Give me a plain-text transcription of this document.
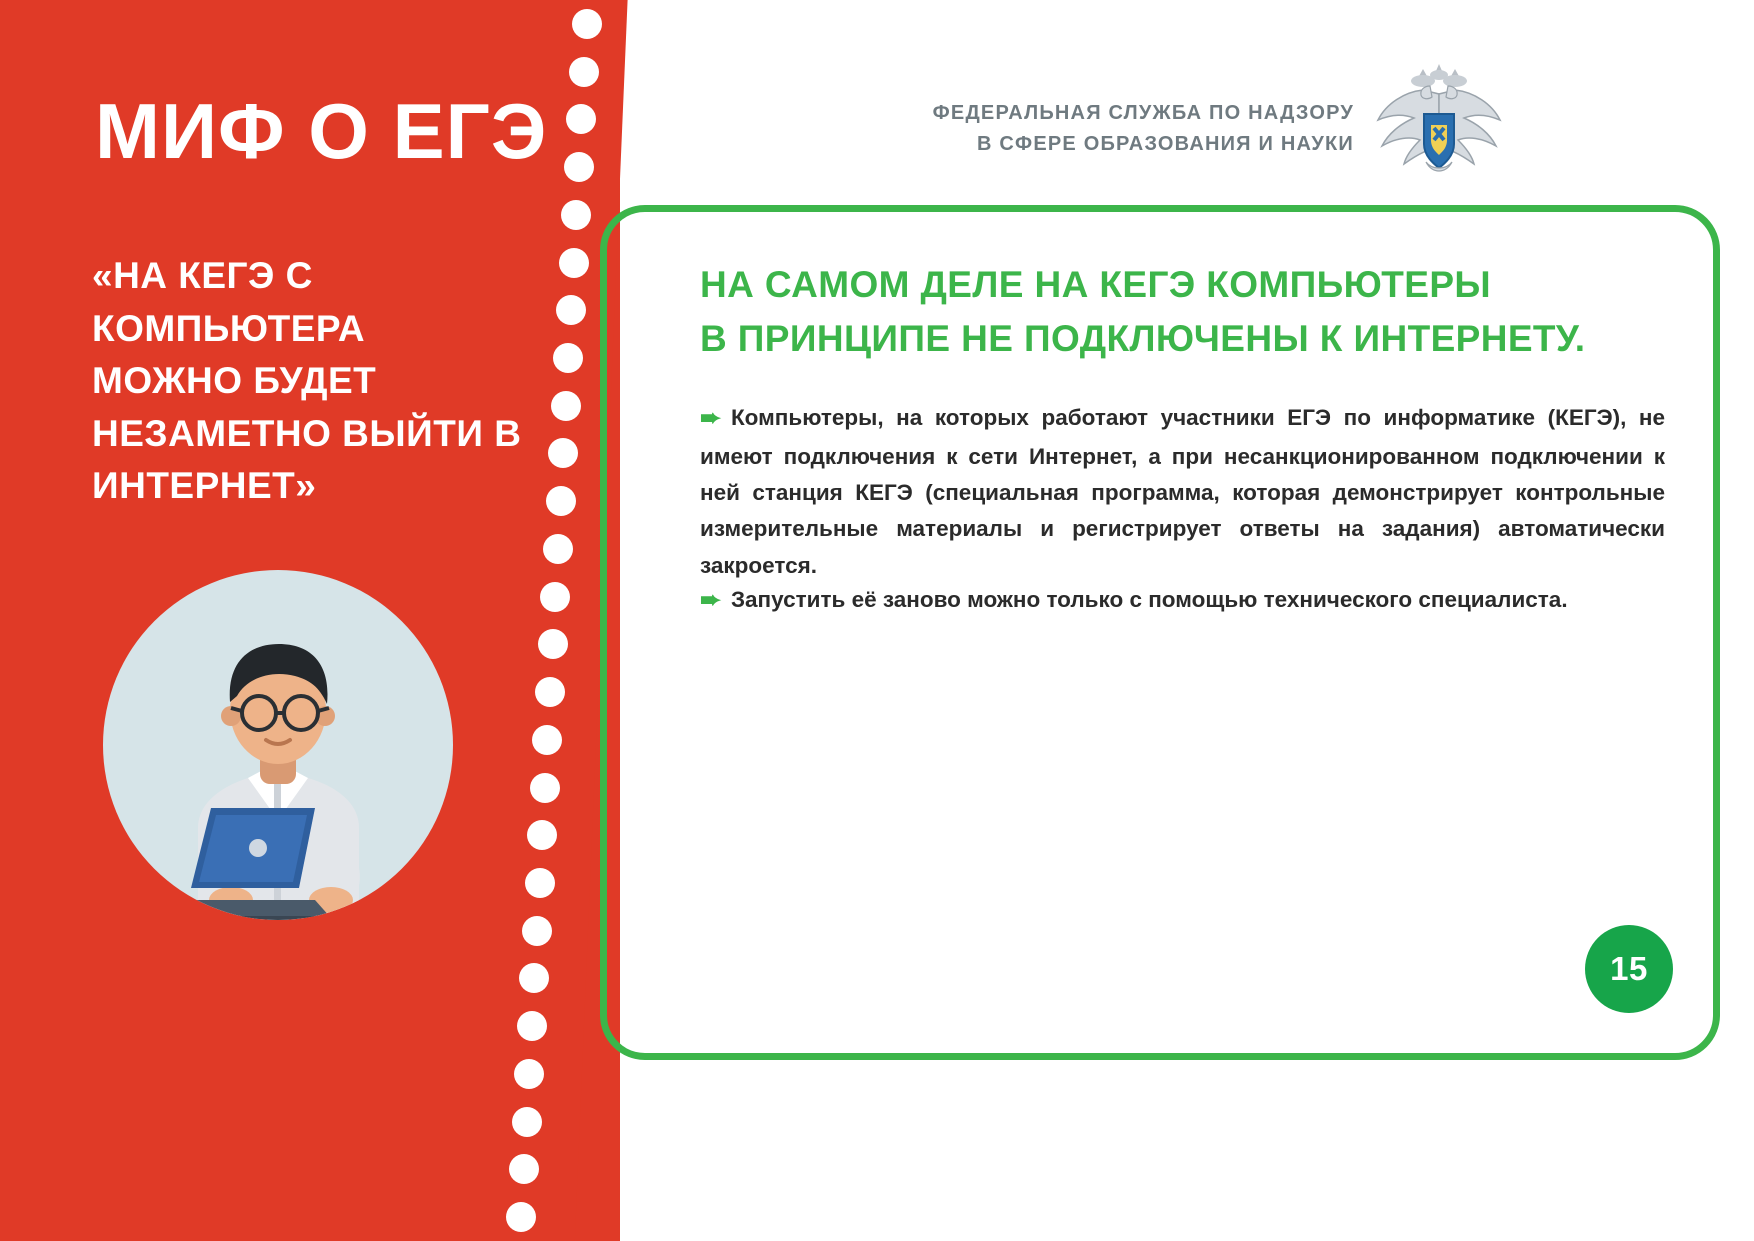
МИФ О ЕГЭ
«НА КЕГЭ С КОМПЬЮТЕРА МОЖНО БУДЕТ НЕЗАМЕТНО ВЫЙТИ В ИНТЕРНЕТ»
ФЕДЕРАЛЬНАЯ СЛУЖБА ПО НАДЗОРУ
В СФЕРЕ ОБРАЗОВАНИЯ И НАУКИ
НА САМОМ ДЕЛЕ НА КЕГЭ КОМПЬЮТЕРЫ
В ПРИНЦИПЕ НЕ ПОДКЛЮЧЕНЫ К ИНТЕРНЕТУ.
➨ Компьютеры, на которых работают участники ЕГЭ по информатике (КЕГЭ), не имеют подключения к сети Интернет, а при несанкционированном подключении к ней станция КЕГЭ (специальная программа, которая демонстрирует контрольные измерительные материалы и регистрирует ответы на задания) автоматически закроется.
➨ Запустить её заново можно только с помощью технического специалиста.
15
